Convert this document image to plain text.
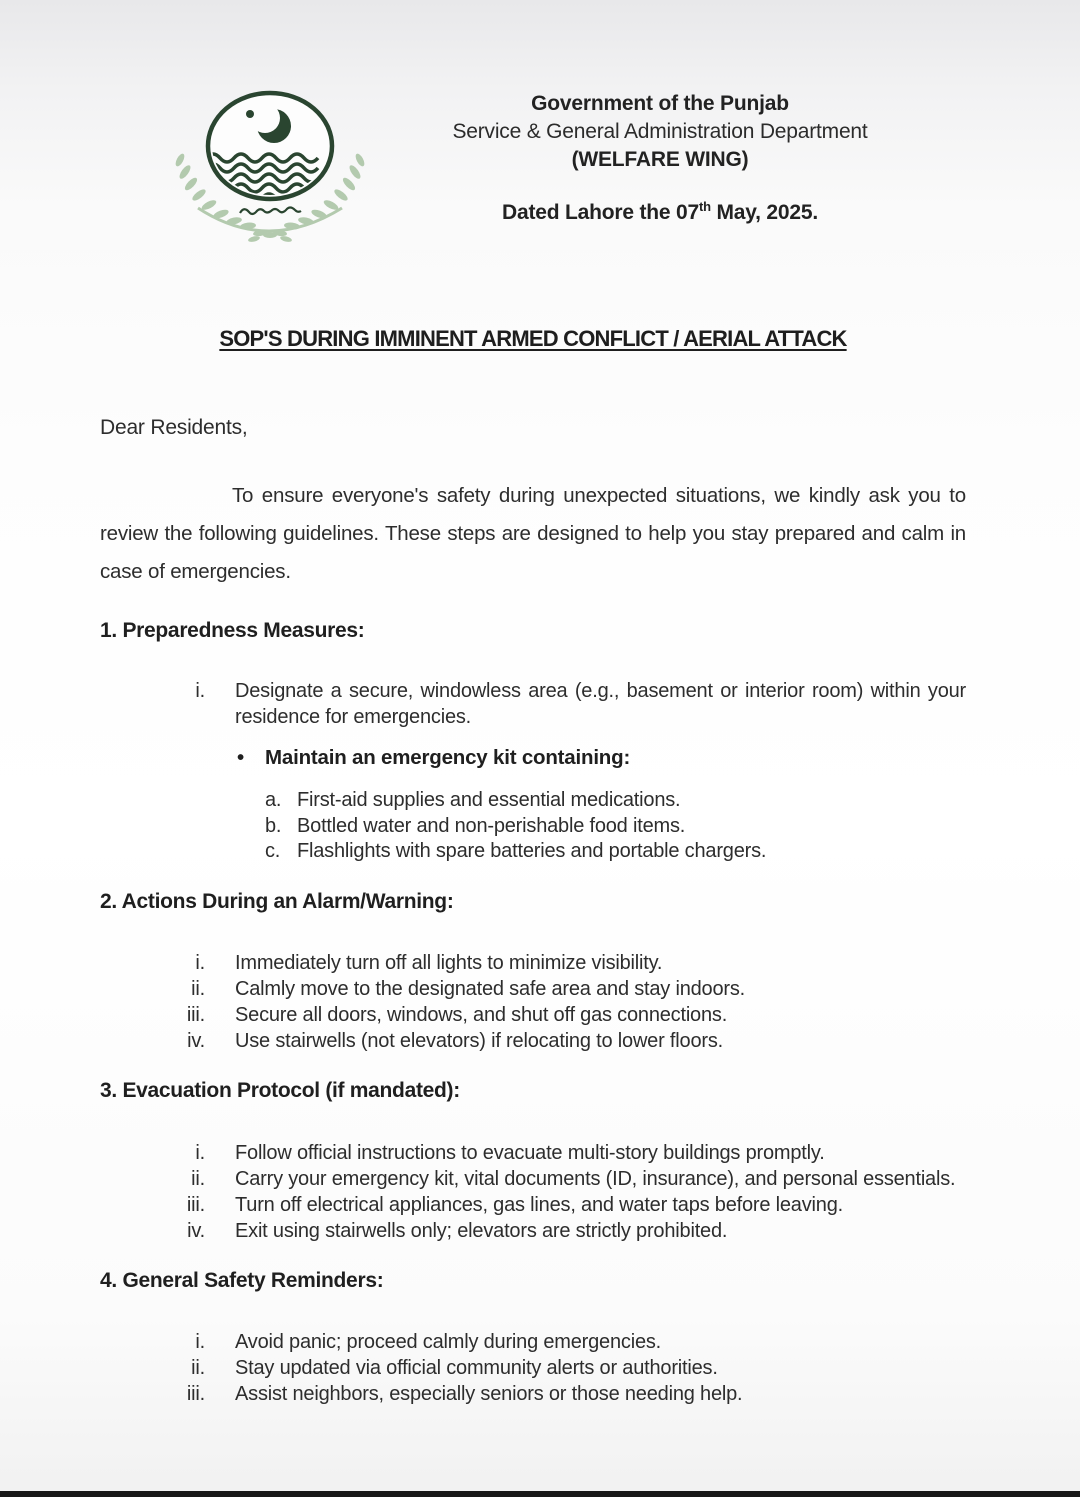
Government of the Punjab
Service & General Administration Department
(WELFARE WING)
Dated Lahore the 07th May, 2025.
SOP'S DURING IMMINENT ARMED CONFLICT / AERIAL ATTACK
Dear Residents,

To ensure everyone's safety during unexpected situations, we kindly ask you to review the following guidelines. These steps are designed to help you stay prepared and calm in case of emergencies.

1. Preparedness Measures:
i. Designate a secure, windowless area (e.g., basement or interior room) within your residence for emergencies.
• Maintain an emergency kit containing:
a. First-aid supplies and essential medications.
b. Bottled water and non-perishable food items.
c. Flashlights with spare batteries and portable chargers.
2. Actions During an Alarm/Warning:
i. Immediately turn off all lights to minimize visibility.
ii. Calmly move to the designated safe area and stay indoors.
iii. Secure all doors, windows, and shut off gas connections.
iv. Use stairwells (not elevators) if relocating to lower floors.
3. Evacuation Protocol (if mandated):
i. Follow official instructions to evacuate multi-story buildings promptly.
ii. Carry your emergency kit, vital documents (ID, insurance), and personal essentials.
iii. Turn off electrical appliances, gas lines, and water taps before leaving.
iv. Exit using stairwells only; elevators are strictly prohibited.
4. General Safety Reminders:
i. Avoid panic; proceed calmly during emergencies.
ii. Stay updated via official community alerts or authorities.
iii. Assist neighbors, especially seniors or those needing help.
